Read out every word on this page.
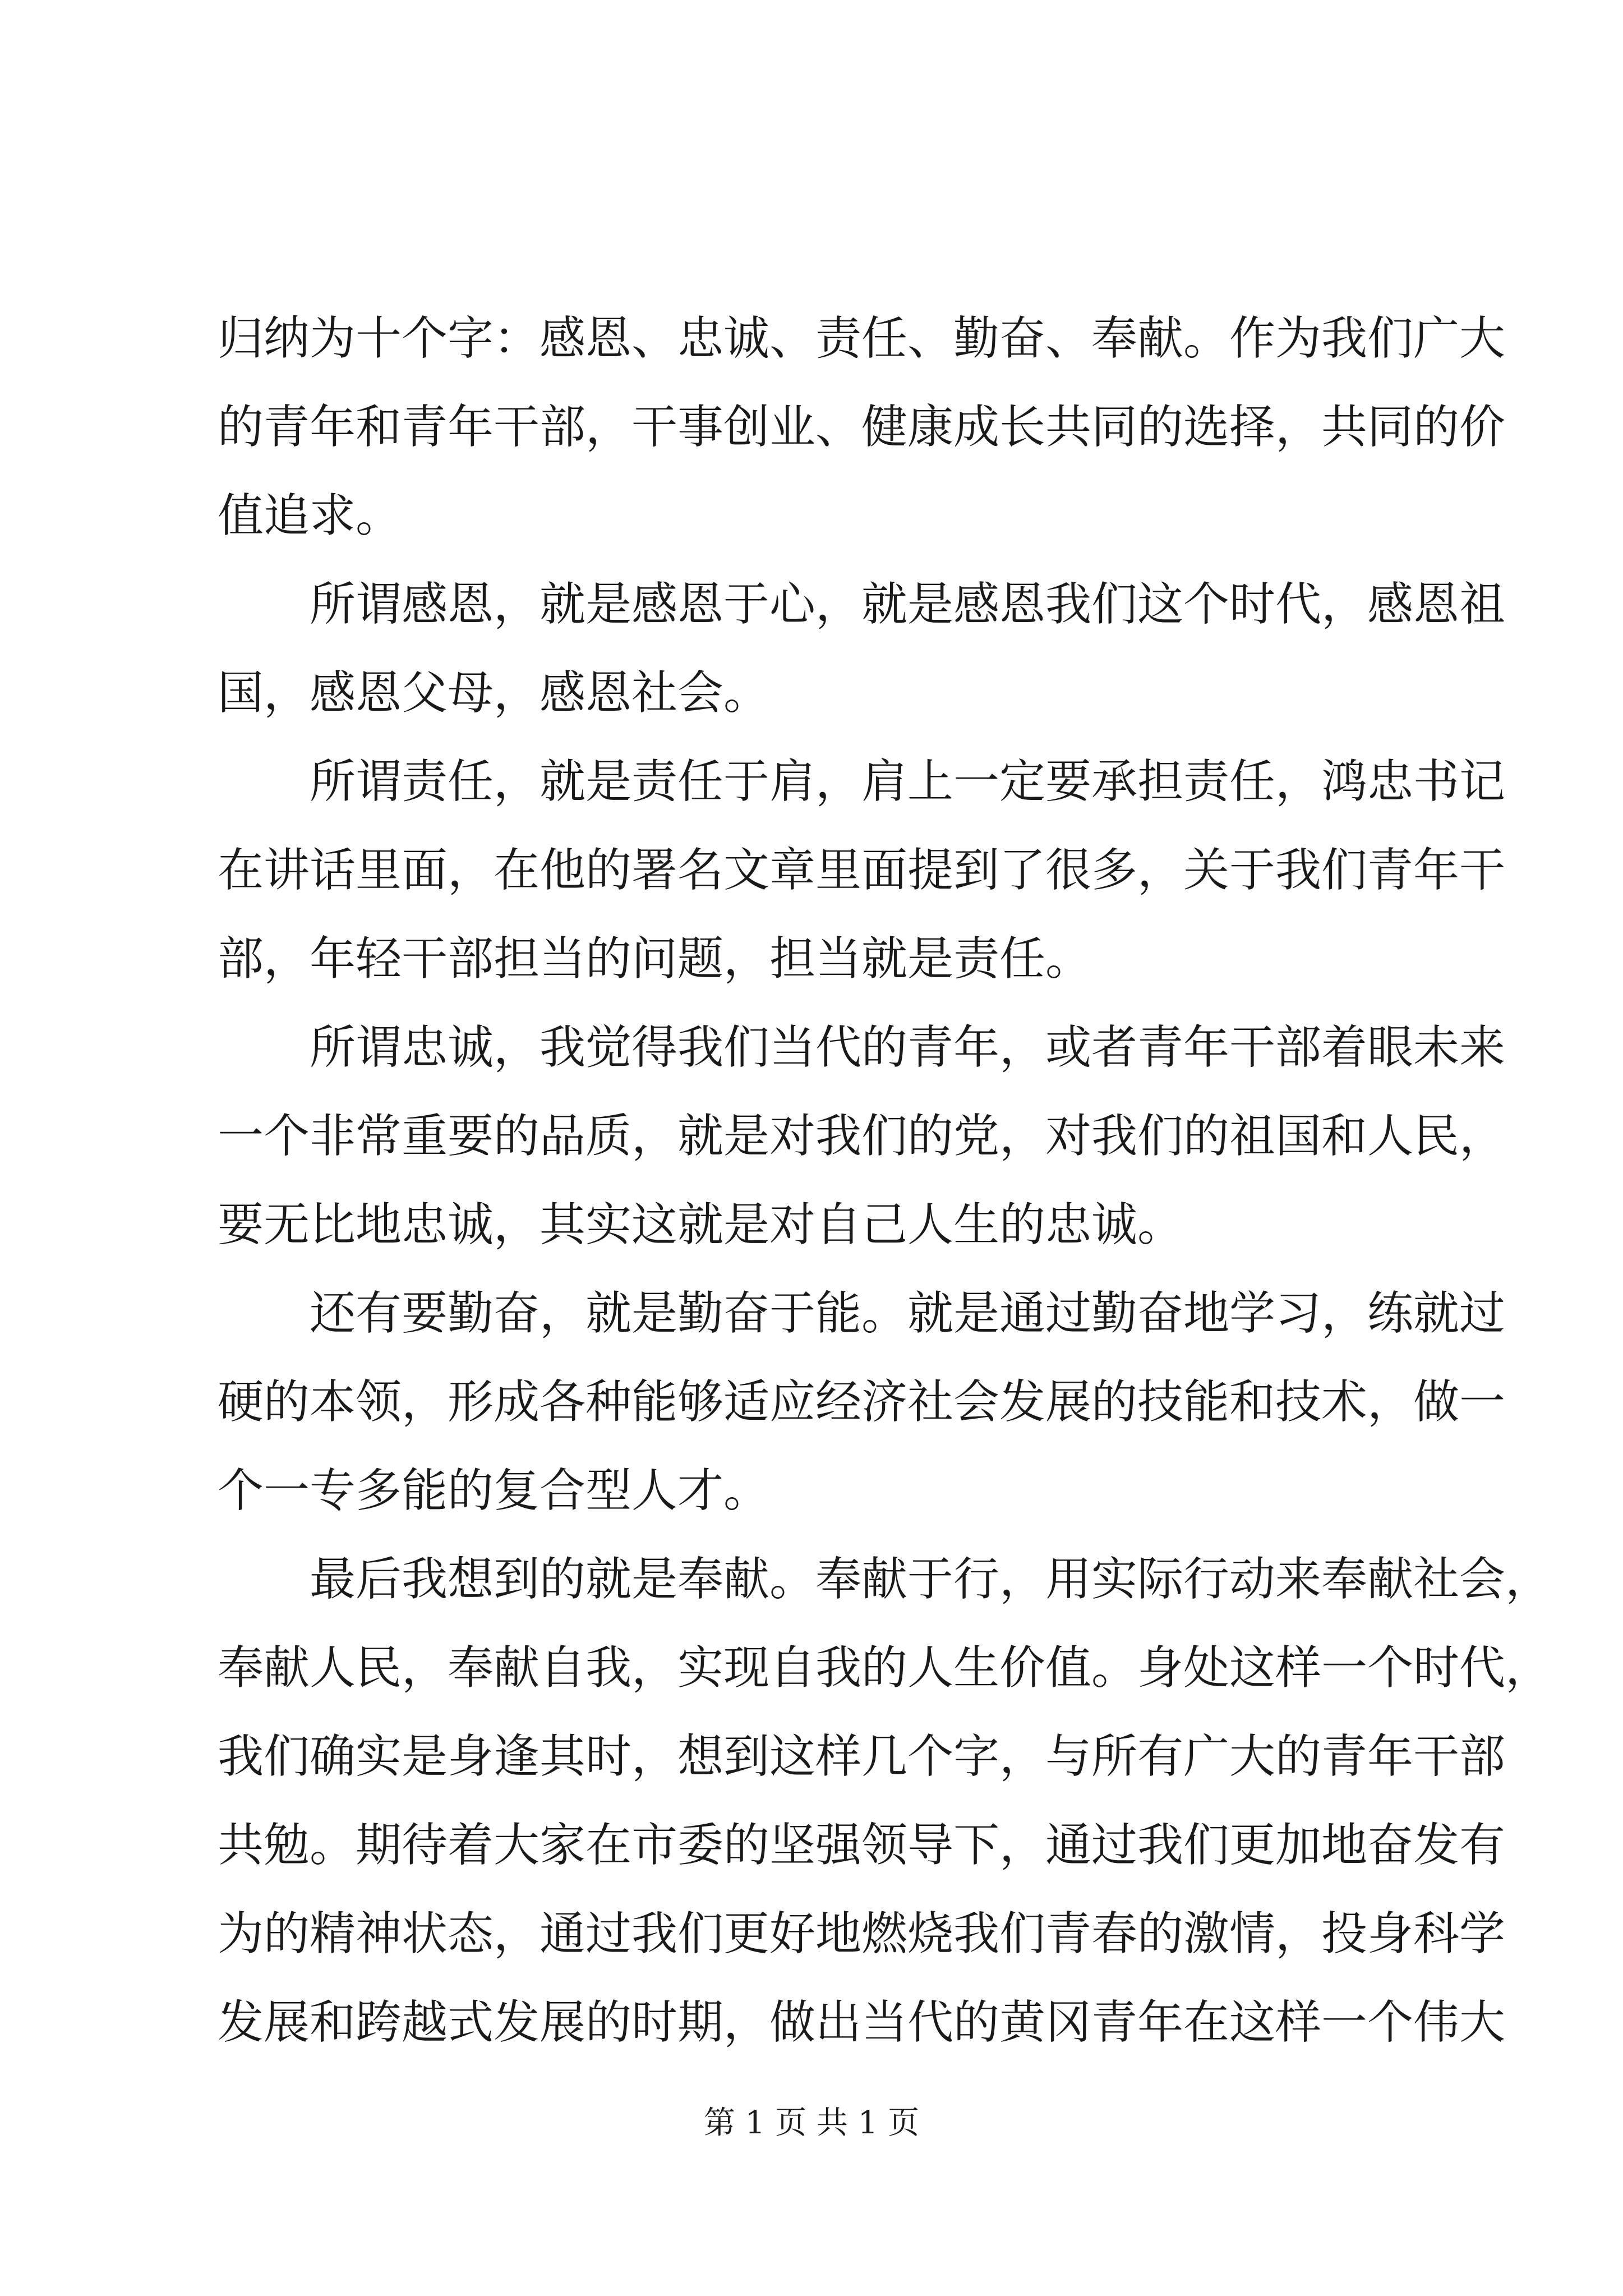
归纳为十个字：感恩、忠诚、责任、勤奋、奉献。作为我们广大
的青年和青年干部，干事创业、健康成长共同的选择，共同的价
值追求。
所谓感恩，就是感恩于心，就是感恩我们这个时代，感恩祖
国，感恩父母，感恩社会。
所谓责任，就是责任于肩，肩上一定要承担责任，鸿忠书记
在讲话里面，在他的署名文章里面提到了很多，关于我们青年干
部，年轻干部担当的问题，担当就是责任。
所谓忠诚，我觉得我们当代的青年，或者青年干部着眼未来
一个非常重要的品质，就是对我们的党，对我们的祖国和人民，
要无比地忠诚，其实这就是对自己人生的忠诚。
还有要勤奋，就是勤奋于能。就是通过勤奋地学习，练就过
硬的本领，形成各种能够适应经济社会发展的技能和技术，做一
个一专多能的复合型人才。
最后我想到的就是奉献。奉献于行，用实际行动来奉献社会，
奉献人民，奉献自我，实现自我的人生价值。身处这样一个时代，
我们确实是身逢其时，想到这样几个字，与所有广大的青年干部
共勉。期待着大家在市委的坚强领导下，通过我们更加地奋发有
为的精神状态，通过我们更好地燃烧我们青春的激情，投身科学
发展和跨越式发展的时期，做出当代的黄冈青年在这样一个伟大
第 1 页 共 1 页
